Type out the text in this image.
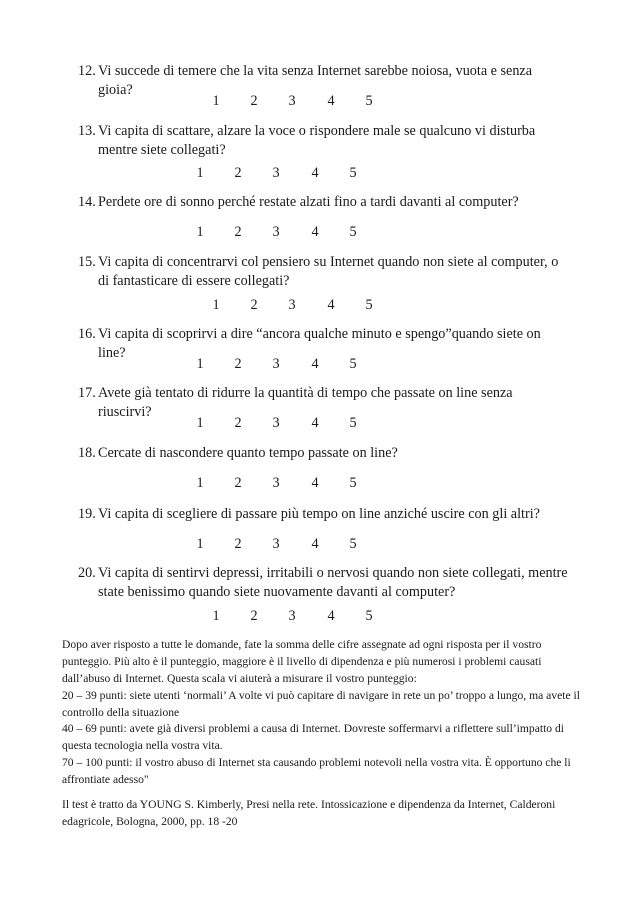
12. Vi succede di temere che la vita senza Internet sarebbe noiosa, vuota e senza gioia?
1 2 3 4 5
13. Vi capita di scattare, alzare la voce o rispondere male se qualcuno vi disturba mentre siete collegati?
1 2 3 4 5
14. Perdete ore di sonno perché restate alzati fino a tardi davanti al computer?
1 2 3 4 5
15. Vi capita di concentrarvi col pensiero su Internet quando non siete al computer, o di fantasticare di essere collegati?
1 2 3 4 5
16. Vi capita di scoprirvi a dire “ancora qualche minuto e spengo”quando siete on line?
1 2 3 4 5
17. Avete già tentato di ridurre la quantità di tempo che passate on line senza riuscirvi?
1 2 3 4 5
18. Cercate di nascondere quanto tempo passate on line?
1 2 3 4 5
19. Vi capita di scegliere di passare più tempo on line anziché uscire con gli altri?
1 2 3 4 5
20. Vi capita di sentirvi depressi, irritabili o nervosi quando non siete collegati, mentre state benissimo quando siete nuovamente davanti al computer?
1 2 3 4 5

Dopo aver risposto a tutte le domande, fate la somma delle cifre assegnate ad ogni risposta per il vostro punteggio. Più alto è il punteggio, maggiore è il livello di dipendenza e più numerosi i problemi causati dall’abuso di Internet. Questa scala vi aiuterà a misurare il vostro punteggio:

20 – 39 punti: siete utenti ‘normali’ A volte vi può capitare di navigare in rete un po’ troppo a lungo, ma avete il controllo della situazione

40 – 69 punti: avete già diversi problemi a causa di Internet. Dovreste soffermarvi a riflettere sull’impatto di questa tecnologia nella vostra vita.

70 – 100 punti: il vostro abuso di Internet sta causando problemi notevoli nella vostra vita. È opportuno che li affrontiate adesso"

Il test è tratto da YOUNG S. Kimberly, Presi nella rete. Intossicazione e dipendenza da Internet, Calderoni edagricole, Bologna, 2000, pp. 18 -20
